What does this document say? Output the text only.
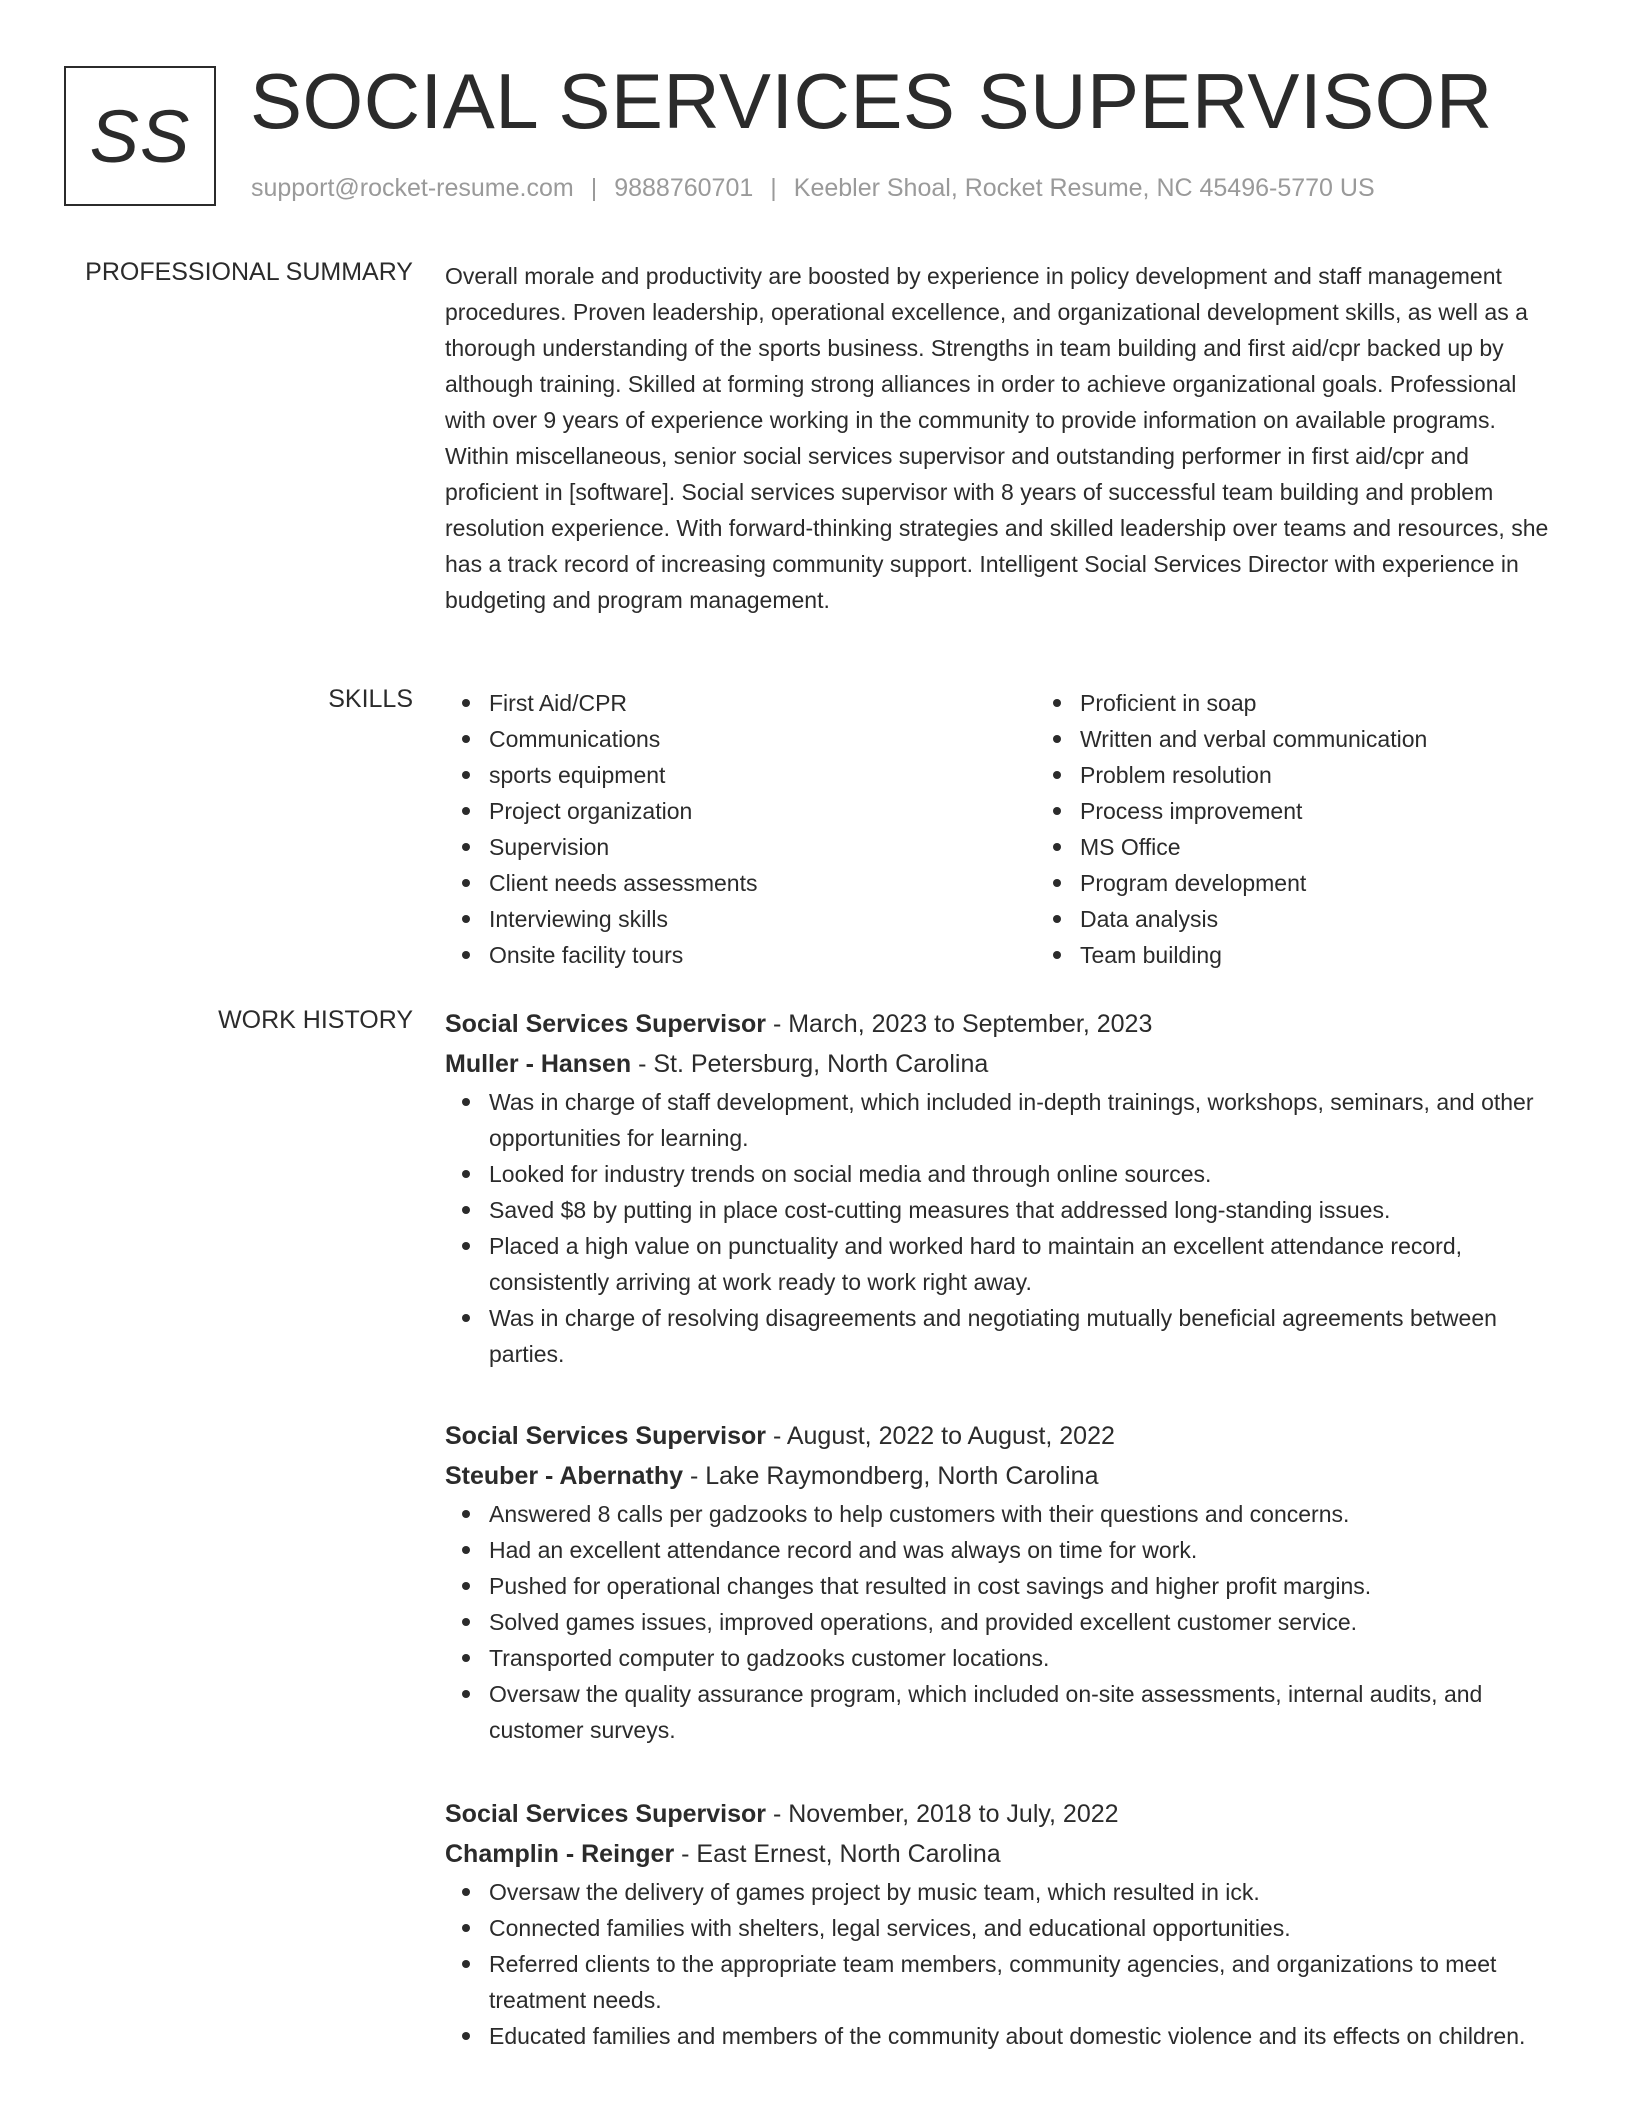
SS SOCIAL SERVICES SUPERVISOR
support@rocket-resume.com | 9888760701 | Keebler Shoal, Rocket Resume, NC 45496-5770 US
PROFESSIONAL SUMMARY Overall morale and productivity are boosted by experience in policy development and staff management procedures. Proven leadership, operational excellence, and organizational development skills, as well as a thorough understanding of the sports business. Strengths in team building and first aid/cpr backed up by although training. Skilled at forming strong alliances in order to achieve organizational goals. Professional with over 9 years of experience working in the community to provide information on available programs. Within miscellaneous, senior social services supervisor and outstanding performer in first aid/cpr and proficient in [software]. Social services supervisor with 8 years of successful team building and problem resolution experience. With forward-thinking strategies and skilled leadership over teams and resources, she has a track record of increasing community support. Intelligent Social Services Director with experience in budgeting and program management.

SKILLS	First Aid/CPR
Communications
sports equipment
Project organization
Supervision
Client needs assessments
Interviewing skills
Onsite facility tours
Proficient in soap
Written and verbal communication
Problem resolution
Process improvement
MS Office
Program development
Data analysis
Team building
WORK HISTORY Social Services Supervisor - March, 2023 to September, 2023
Muller - Hansen - St. Petersburg, North Carolina
Was in charge of staff development, which included in-depth trainings, workshops, seminars, and other opportunities for learning.
Looked for industry trends on social media and through online sources.
Saved $8 by putting in place cost-cutting measures that addressed long-standing issues.
Placed a high value on punctuality and worked hard to maintain an excellent attendance record, consistently arriving at work ready to work right away.
Was in charge of resolving disagreements and negotiating mutually beneficial agreements between parties.
Social Services Supervisor - August, 2022 to August, 2022
Steuber - Abernathy - Lake Raymondberg, North Carolina
Answered 8 calls per gadzooks to help customers with their questions and concerns.
Had an excellent attendance record and was always on time for work.
Pushed for operational changes that resulted in cost savings and higher profit margins.
Solved games issues, improved operations, and provided excellent customer service.
Transported computer to gadzooks customer locations.
Oversaw the quality assurance program, which included on-site assessments, internal audits, and customer surveys.
Social Services Supervisor - November, 2018 to July, 2022
Champlin - Reinger - East Ernest, North Carolina
Oversaw the delivery of games project by music team, which resulted in ick.
Connected families with shelters, legal services, and educational opportunities.
Referred clients to the appropriate team members, community agencies, and organizations to meet treatment needs.
Educated families and members of the community about domestic violence and its effects on children.
